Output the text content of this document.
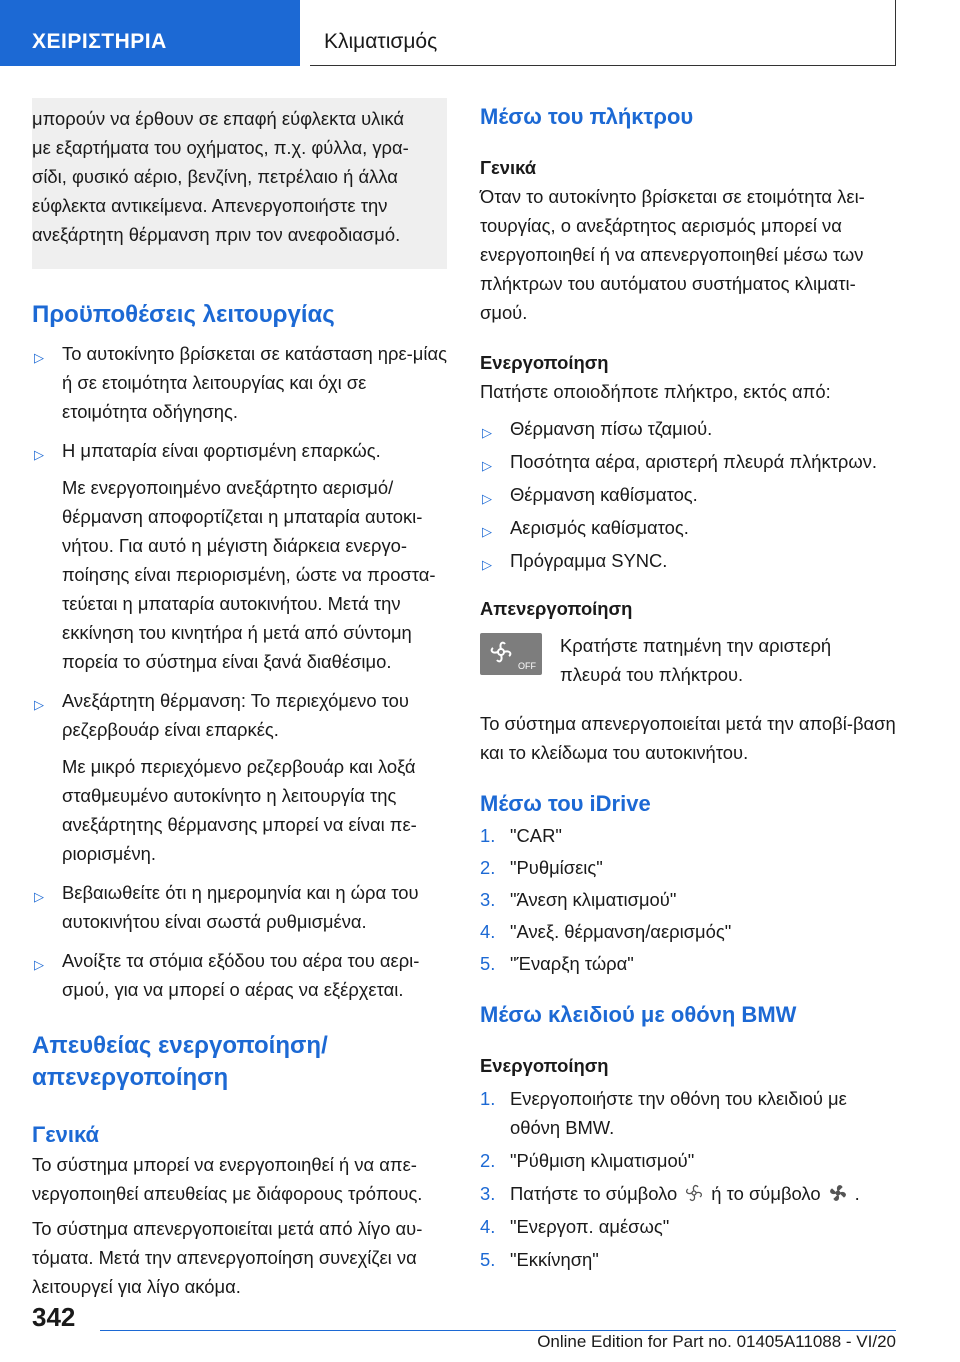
ΧΕΙΡΙΣΤΗΡΙΑ	Κλιματισμός

μπορούν να έρθουν σε επαφή εύφλεκτα υλικά

με εξαρτήματα του οχήματος, π.χ. φύλλα, γρα-

σίδι, φυσικό αέριο, βενζίνη, πετρέλαιο ή άλλα

εύφλεκτα αντικείμενα. Απενεργοποιήστε την

ανεξάρτητη θέρμανση πριν τον ανεφοδιασμό.

Προϋποθέσεις λειτουργίας
▷ Το αυτοκίνητο βρίσκεται σε κατάσταση ηρε-μίας ή σε ετοιμότητα λειτουργίας και όχι σε ετοιμότητα οδήγησης.

▷ Η μπαταρία είναι φορτισμένη επαρκώς.

Με ενεργοποιημένο ανεξάρτητο αερισμό/ θέρμανση αποφορτίζεται η μπαταρία αυτοκι-νήτου. Για αυτό η μέγιστη διάρκεια ενεργο-ποίησης είναι περιορισμένη, ώστε να προστα-τεύεται η μπαταρία αυτοκινήτου. Μετά την εκκίνηση του κινητήρα ή μετά από σύντομη πορεία το σύστημα είναι ξανά διαθέσιμο.

▷ Ανεξάρτητη θέρμανση: Το περιεχόμενο του ρεζερβουάρ είναι επαρκές.

Με μικρό περιεχόμενο ρεζερβουάρ και λοξά σταθμευμένο αυτοκίνητο η λειτουργία της ανεξάρτητης θέρμανσης μπορεί να είναι πε-ριορισμένη.

▷ Βεβαιωθείτε ότι η ημερομηνία και η ώρα του αυτοκινήτου είναι σωστά ρυθμισμένα.

▷ Ανοίξτε τα στόμια εξόδου του αέρα του αερι-σμού, για να μπορεί ο αέρας να εξέρχεται.

Απευθείας ενεργοποίηση/ απενεργοποίηση
Γενικά

Το σύστημα μπορεί να ενεργοποιηθεί ή να απε-νεργοποιηθεί απευθείας με διάφορους τρόπους.

Το σύστημα απενεργοποιείται μετά από λίγο αυ-τόματα. Μετά την απενεργοποίηση συνεχίζει να λειτουργεί για λίγο ακόμα.

Μέσω του πλήκτρου
Γενικά

Όταν το αυτοκίνητο βρίσκεται σε ετοιμότητα λει-τουργίας, ο ανεξάρτητος αερισμός μπορεί να ενεργοποιηθεί ή να απενεργοποιηθεί μέσω των πλήκτρων του αυτόματου συστήματος κλιματι-σμού.

Ενεργοποίηση

Πατήστε οποιοδήποτε πλήκτρο, εκτός από:

▷ Θέρμανση πίσω τζαμιού.
▷ Ποσότητα αέρα, αριστερή πλευρά πλήκτρων.
▷ Θέρμανση καθίσματος.
▷ Αερισμός καθίσματος.
▷ Πρόγραμμα SYNC.
Απενεργοποίηση
OFF

Κρατήστε πατημένη την αριστερή πλευρά του πλήκτρου.

Το σύστημα απενεργοποιείται μετά την αποβί-βαση και το κλείδωμα του αυτοκινήτου.

Μέσω του iDrive
1. "CAR"
2. "Ρυθμίσεις"
3. "Άνεση κλιματισμού"
4. "Ανεξ. θέρμανση/αερισμός"
5. "Έναρξη τώρα"
Μέσω κλειδιού με οθόνη BMW
Ενεργοποίηση
1. Ενεργοποιήστε την οθόνη του κλειδιού με οθόνη BMW.
2. "Ρύθμιση κλιματισμού"
3. Πατήστε το σύμβολο ή το σύμβολο .
4. "Ενεργοπ. αμέσως"
5. "Εκκίνηση"
342
Online Edition for Part no. 01405A11088 - VI/20
